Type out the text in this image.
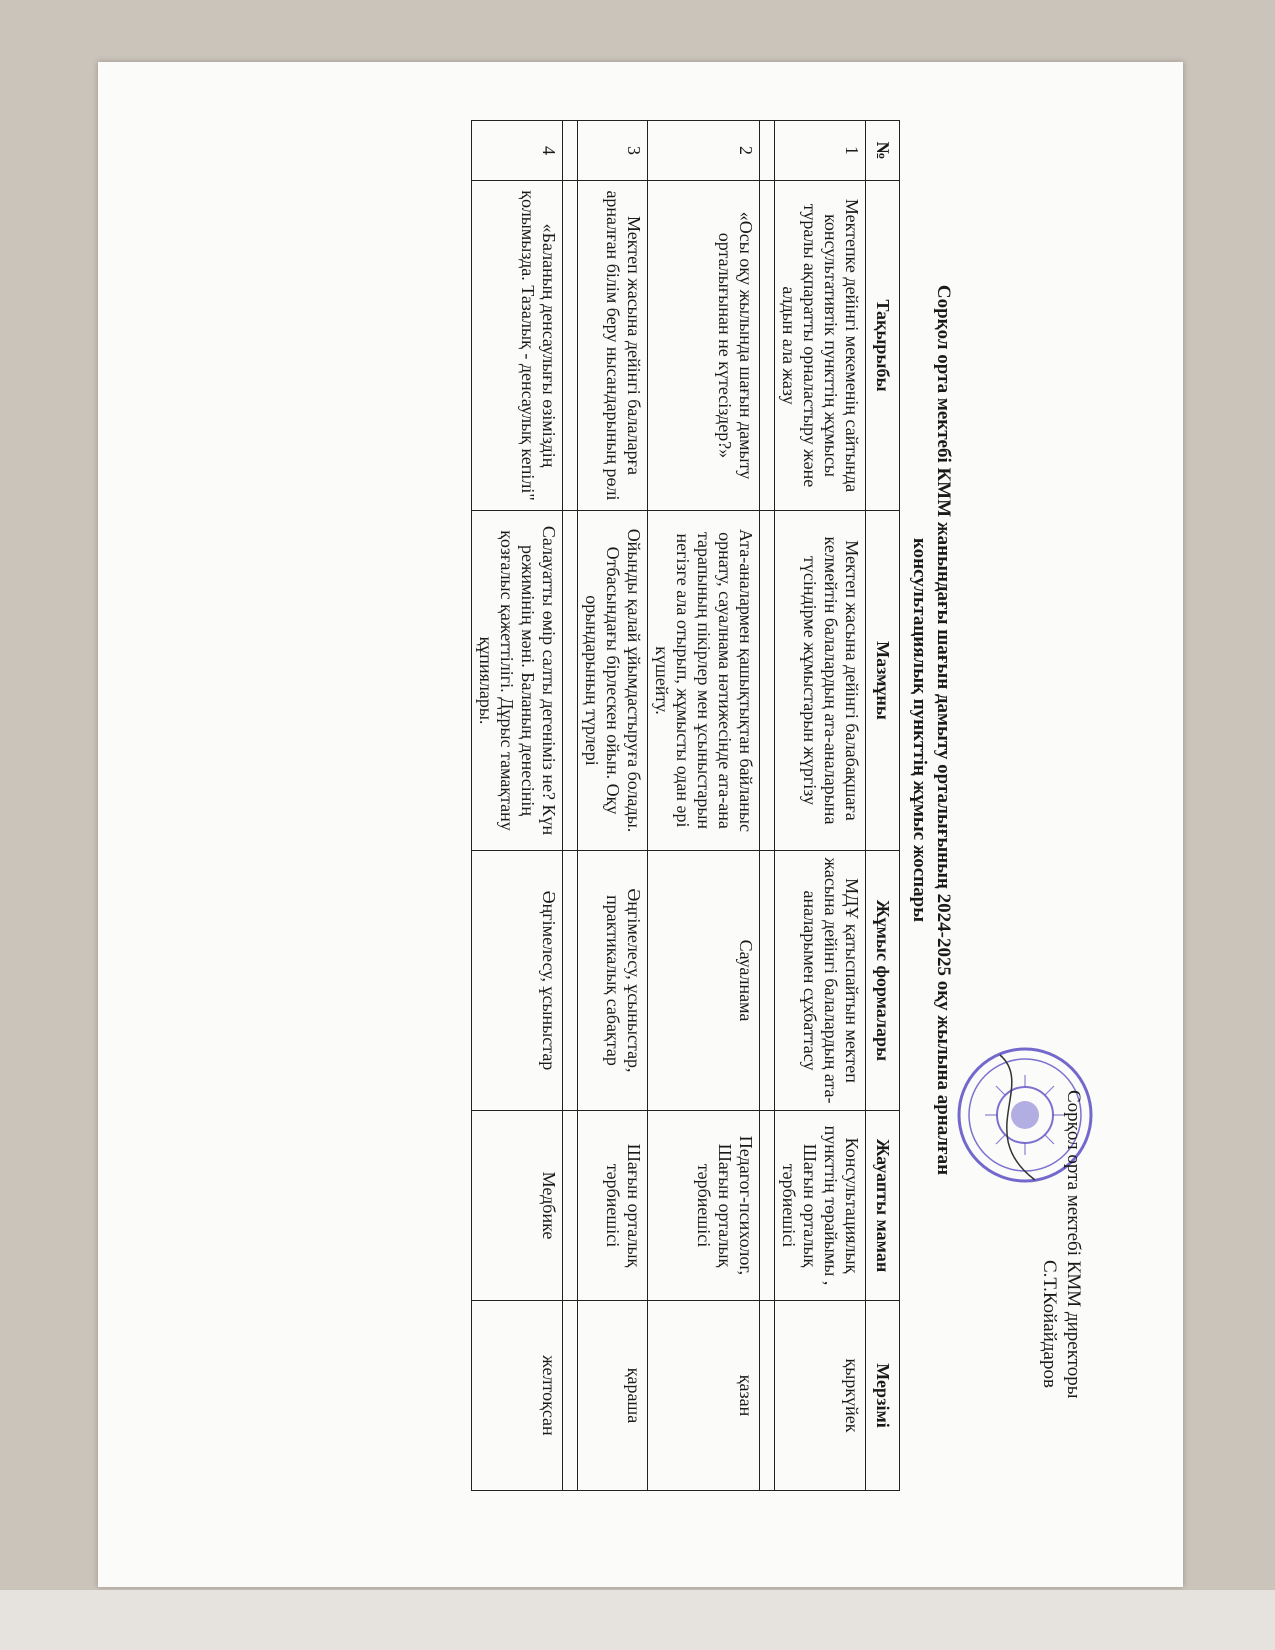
Сорқол орта мектебі КММ директоры
С.Т.Койайдаров
Сорқол орта мектебі КММ жанындағы шағын дамыту орталығының 2024-2025 оқу жылына арналған
консультациялық пункттің жұмыс жоспары
№	Тақырыбы	Мазмұны	Жұмыс формалары	Жауапты маман	Мерзімі
1	Мектепке дейінгі мекеменің сайтында консультативтік пункттің жұмысы туралы ақпаратты орналастыру және алдын ала жазу	Мектеп жасына дейінгі балабақшаға келмейтін балалардың ата-аналарына түсіндірме жұмыстарын жүргізу	МДҰ қатыспайтын мектеп жасына дейінгі балалардың ата-аналарымен сұхбаттасу	Консультациялық пункттің төрайымы , Шағын орталық тәрбиешісі	қыркүйек

2	«Осы оқу жылында шағын дамыту орталығынан не күтесіздер?»	Ата-аналармен қашықтықтан байланыс орнату, сауалнама нәтижесінде ата-ана тарапының пікірлер мен ұсыныстарын негізге ала отырып, жұмысты одан әрі күшейту.	Сауалнама	Педагог-психолог, Шағын орталық тәрбиешісі	қазан
3	Мектеп жасына дейінгі балаларға арналған білім беру нысандарының рөлі	Ойынды қалай ұйымдастыруға болады. Отбасындағы бірлескен ойын. Оқу орындарының түрлері	Әңгімелесу, ұсыныстар, практикалық сабақтар	Шағын орталық тәрбиешісі	қараша

4	«Баланың денсаулығы өзіміздің қолымызда. Тазалық - денсаулық кепілі"	Салауатты өмір салты дегеніміз не? Күн режимінің мәні. Баланың денесінің қозғалыс қажеттілігі. Дұрыс тамақтану құпиялары.	Әңгімелесу, ұсыныстар	Медбике	желтоқсан
